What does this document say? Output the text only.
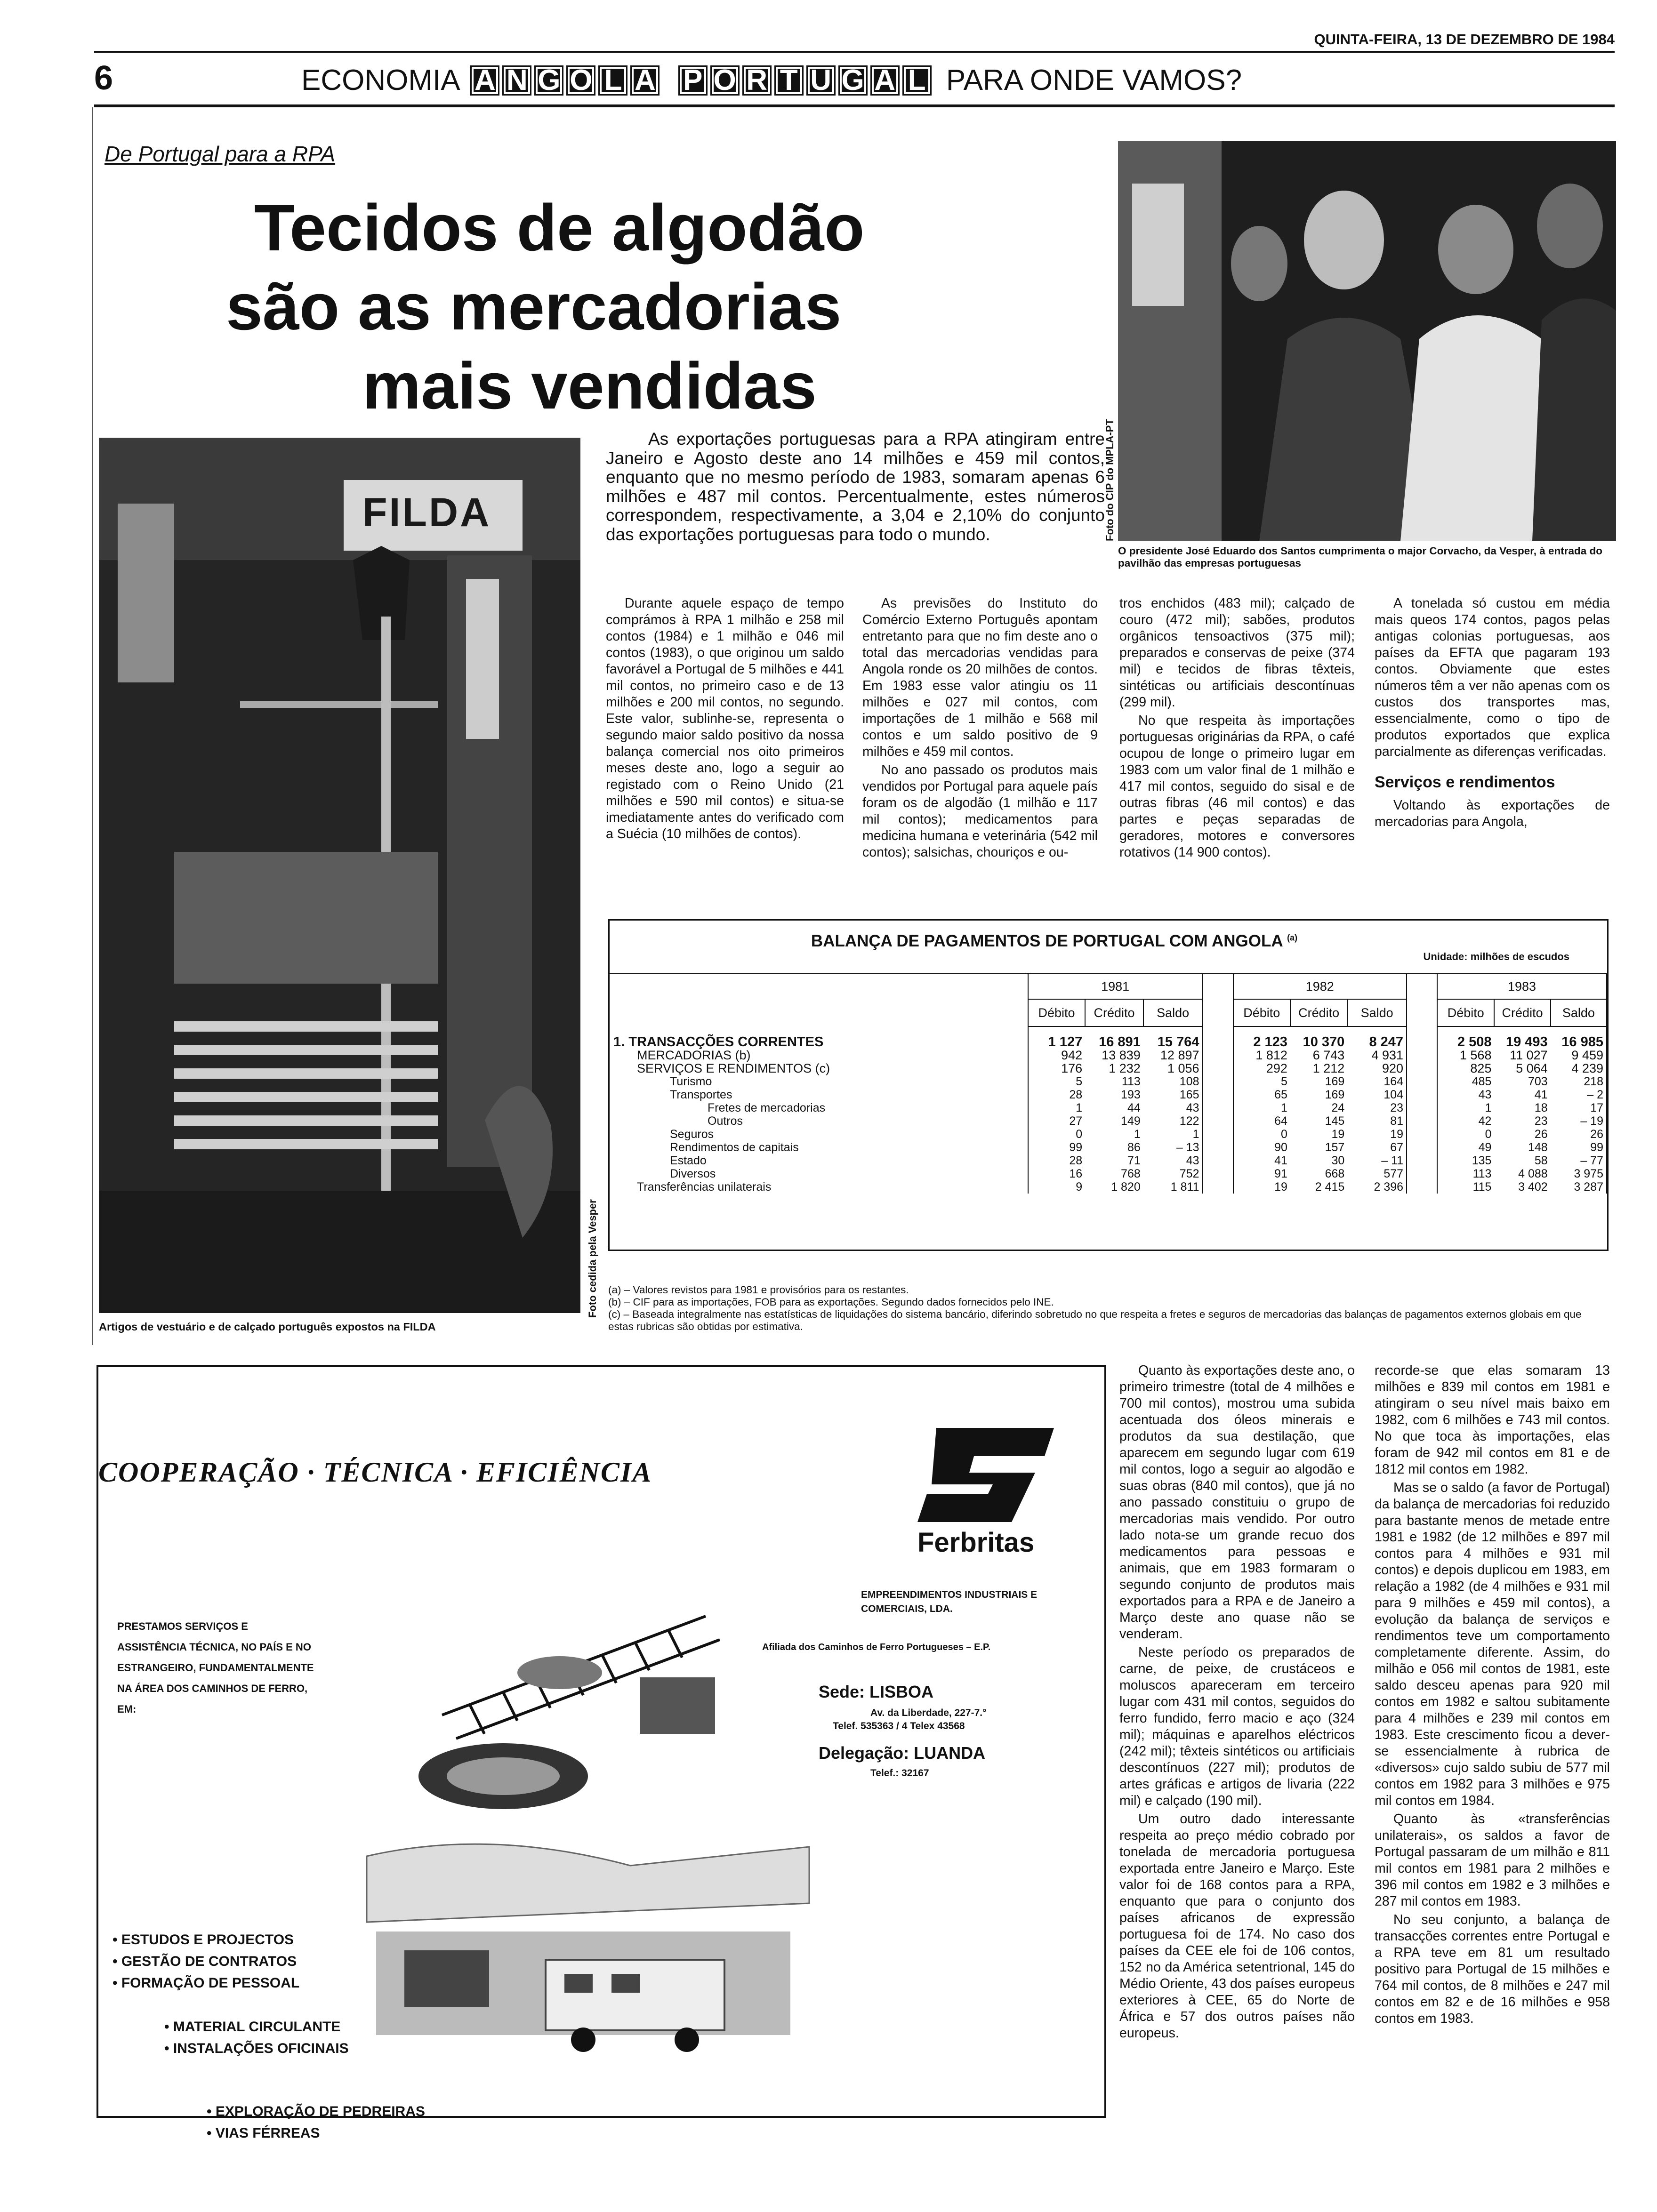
QUINTA-FEIRA, 13 DE DEZEMBRO DE 1984
6	ECONOMIA A N G O L A P O R T U G A L PARA ONDE VAMOS?
De Portugal para a RPA
Tecidos de algodão
são as mercadorias
mais vendidas
Foto do CIP do MPLA-PT
O presidente José Eduardo dos Santos cumprimenta o major Corvacho, da Vesper, à entrada do pavilhão das empresas portuguesas
FILDA
Foto cedida pela Vesper
Artigos de vestuário e de calçado português expostos na FILDA
As exportações portuguesas para a RPA atingiram entre Janeiro e Agosto deste ano 14 milhões e 459 mil contos, enquanto que no mesmo período de 1983, somaram apenas 6 milhões e 487 mil contos. Percentualmente, estes números correspondem, respectivamente, a 3,04 e 2,10% do conjunto das exportações portuguesas para todo o mundo.

Durante aquele espaço de tempo comprámos à RPA 1 milhão e 258 mil contos (1984) e 1 milhão e 046 mil contos (1983), o que originou um saldo favorável a Portugal de 5 milhões e 441 mil contos, no primeiro caso e de 13 milhões e 200 mil contos, no segundo. Este valor, sublinhe-se, representa o segundo maior saldo positivo da nossa balança comercial nos oito primeiros meses deste ano, logo a seguir ao registado com o Reino Unido (21 milhões e 590 mil contos) e situa-se imediatamente antes do verificado com a Suécia (10 milhões de contos).

As previsões do Instituto do Comércio Externo Português apontam entretanto para que no fim deste ano o total das mercadorias vendidas para Angola ronde os 20 milhões de contos. Em 1983 esse valor atingiu os 11 milhões e 027 mil contos, com importações de 1 milhão e 568 mil contos e um saldo positivo de 9 milhões e 459 mil contos.

No ano passado os produtos mais vendidos por Portugal para aquele país foram os de algodão (1 milhão e 117 mil contos); medicamentos para medicina humana e veterinária (542 mil contos); salsichas, chouriços e ou-

tros enchidos (483 mil); calçado de couro (472 mil); sabões, produtos orgânicos tensoactivos (375 mil); preparados e conservas de peixe (374 mil) e tecidos de fibras têxteis, sintéticas ou artificiais descontínuas (299 mil).

No que respeita às importações portuguesas originárias da RPA, o café ocupou de longe o primeiro lugar em 1983 com um valor final de 1 milhão e 417 mil contos, seguido do sisal e de outras fibras (46 mil contos) e das partes e peças separadas de geradores, motores e conversores rotativos (14 900 contos).

A tonelada só custou em média mais queos 174 contos, pagos pelas antigas colonias portuguesas, aos países da EFTA que pagaram 193 contos. Obviamente que estes números têm a ver não apenas com os custos dos transportes mas, essencialmente, como o tipo de produtos exportados que explica parcialmente as diferenças verificadas.

Serviços e rendimentos

Voltando às exportações de mercadorias para Angola,

BALANÇA DE PAGAMENTOS DE PORTUGAL COM ANGOLA $^{(a)}$
Unidade: milhões de escudos
	1981				1982				1983		
	Débito	Crédito	Saldo		Débito	Crédito	Saldo		Débito	Crédito	Saldo
1. TRANSACÇÕES CORRENTES	1 127	16 891	15 764		2 123	10 370	8 247		2 508	19 493	16 985
MERCADORIAS (b)	942	13 839	12 897		1 812	6 743	4 931		1 568	11 027	9 459
SERVIÇOS E RENDIMENTOS (c)	176	1 232	1 056		292	1 212	920		825	5 064	4 239
Turismo	5	113	108		5	169	164		485	703	218
Transportes	28	193	165		65	169	104		43	41	– 2
Fretes de mercadorias	1	44	43		1	24	23		1	18	17
Outros	27	149	122		64	145	81		42	23	– 19
Seguros	0	1	1		0	19	19		0	26	26
Rendimentos de capitais	99	86	– 13		90	157	67		49	148	99
Estado	28	71	43		41	30	– 11		135	58	– 77
Diversos	16	768	752		91	668	577		113	4 088	3 975
Transferências unilaterais	9	1 820	1 811		19	2 415	2 396		115	3 402	3 287
(a) – Valores revistos para 1981 e provisórios para os restantes.
(b) – CIF para as importações, FOB para as exportações. Segundo dados fornecidos pelo INE.
(c) – Baseada integralmente nas estatísticas de liquidações do sistema bancário, diferindo sobretudo no que respeita a fretes e seguros de mercadorias das balanças de pagamentos externos globais em que estas rubricas são obtidas por estimativa.
COOPERAÇÃO · TÉCNICA · EFICIÊNCIA
Ferbritas
EMPREENDIMENTOS INDUSTRIAIS E COMERCIAIS, LDA.
Afiliada dos Caminhos de Ferro Portugueses – E.P.
Sede: LISBOA
Av. da Liberdade, 227-7.°
Telef. 535363 / 4 Telex 43568
Delegação: LUANDA
Telef.: 32167
PRESTAMOS SERVIÇOS E ASSISTÊNCIA TÉCNICA, NO PAÍS E NO ESTRANGEIRO, FUNDAMENTALMENTE NA ÁREA DOS CAMINHOS DE FERRO, EM:
• ESTUDOS E PROJECTOS
• GESTÃO DE CONTRATOS
• FORMAÇÃO DE PESSOAL
• MATERIAL CIRCULANTE
• INSTALAÇÕES OFICINAIS
• EXPLORAÇÃO DE PEDREIRAS
• VIAS FÉRREAS

Quanto às exportações deste ano, o primeiro trimestre (total de 4 milhões e 700 mil contos), mostrou uma subida acentuada dos óleos minerais e produtos da sua destilação, que aparecem em segundo lugar com 619 mil contos, logo a seguir ao algodão e suas obras (840 mil contos), que já no ano passado constituiu o grupo de mercadorias mais vendido. Por outro lado nota-se um grande recuo dos medicamentos para pessoas e animais, que em 1983 formaram o segundo conjunto de produtos mais exportados para a RPA e de Janeiro a Março deste ano quase não se venderam.

Neste período os preparados de carne, de peixe, de crustáceos e moluscos apareceram em terceiro lugar com 431 mil contos, seguidos do ferro fundido, ferro macio e aço (324 mil); máquinas e aparelhos eléctricos (242 mil); têxteis sintéticos ou artificiais descontínuos (227 mil); produtos de artes gráficas e artigos de livaria (222 mil) e calçado (190 mil).

Um outro dado interessante respeita ao preço médio cobrado por tonelada de mercadoria portuguesa exportada entre Janeiro e Março. Este valor foi de 168 contos para a RPA, enquanto que para o conjunto dos países africanos de expressão portuguesa foi de 174. No caso dos países da CEE ele foi de 106 contos, 152 no da América setentrional, 145 do Médio Oriente, 43 dos países europeus exteriores à CEE, 65 do Norte de África e 57 dos outros países não europeus.

recorde-se que elas somaram 13 milhões e 839 mil contos em 1981 e atingiram o seu nível mais baixo em 1982, com 6 milhões e 743 mil contos. No que toca às importações, elas foram de 942 mil contos em 81 e de 1812 mil contos em 1982.

Mas se o saldo (a favor de Portugal) da balança de mercadorias foi reduzido para bastante menos de metade entre 1981 e 1982 (de 12 milhões e 897 mil contos para 4 milhões e 931 mil contos) e depois duplicou em 1983, em relação a 1982 (de 4 milhões e 931 mil para 9 milhões e 459 mil contos), a evolução da balança de serviços e rendimentos teve um comportamento completamente diferente. Assim, do milhão e 056 mil contos de 1981, este saldo desceu apenas para 920 mil contos em 1982 e saltou subitamente para 4 milhões e 239 mil contos em 1983. Este crescimento ficou a dever-se essencialmente à rubrica de «diversos» cujo saldo subiu de 577 mil contos em 1982 para 3 milhões e 975 mil contos em 1984.

Quanto às «transferências unilaterais», os saldos a favor de Portugal passaram de um milhão e 811 mil contos em 1981 para 2 milhões e 396 mil contos em 1982 e 3 milhões e 287 mil contos em 1983.

No seu conjunto, a balança de transacções correntes entre Portugal e a RPA teve em 81 um resultado positivo para Portugal de 15 milhões e 764 mil contos, de 8 milhões e 247 mil contos em 82 e de 16 milhões e 958 contos em 1983.
